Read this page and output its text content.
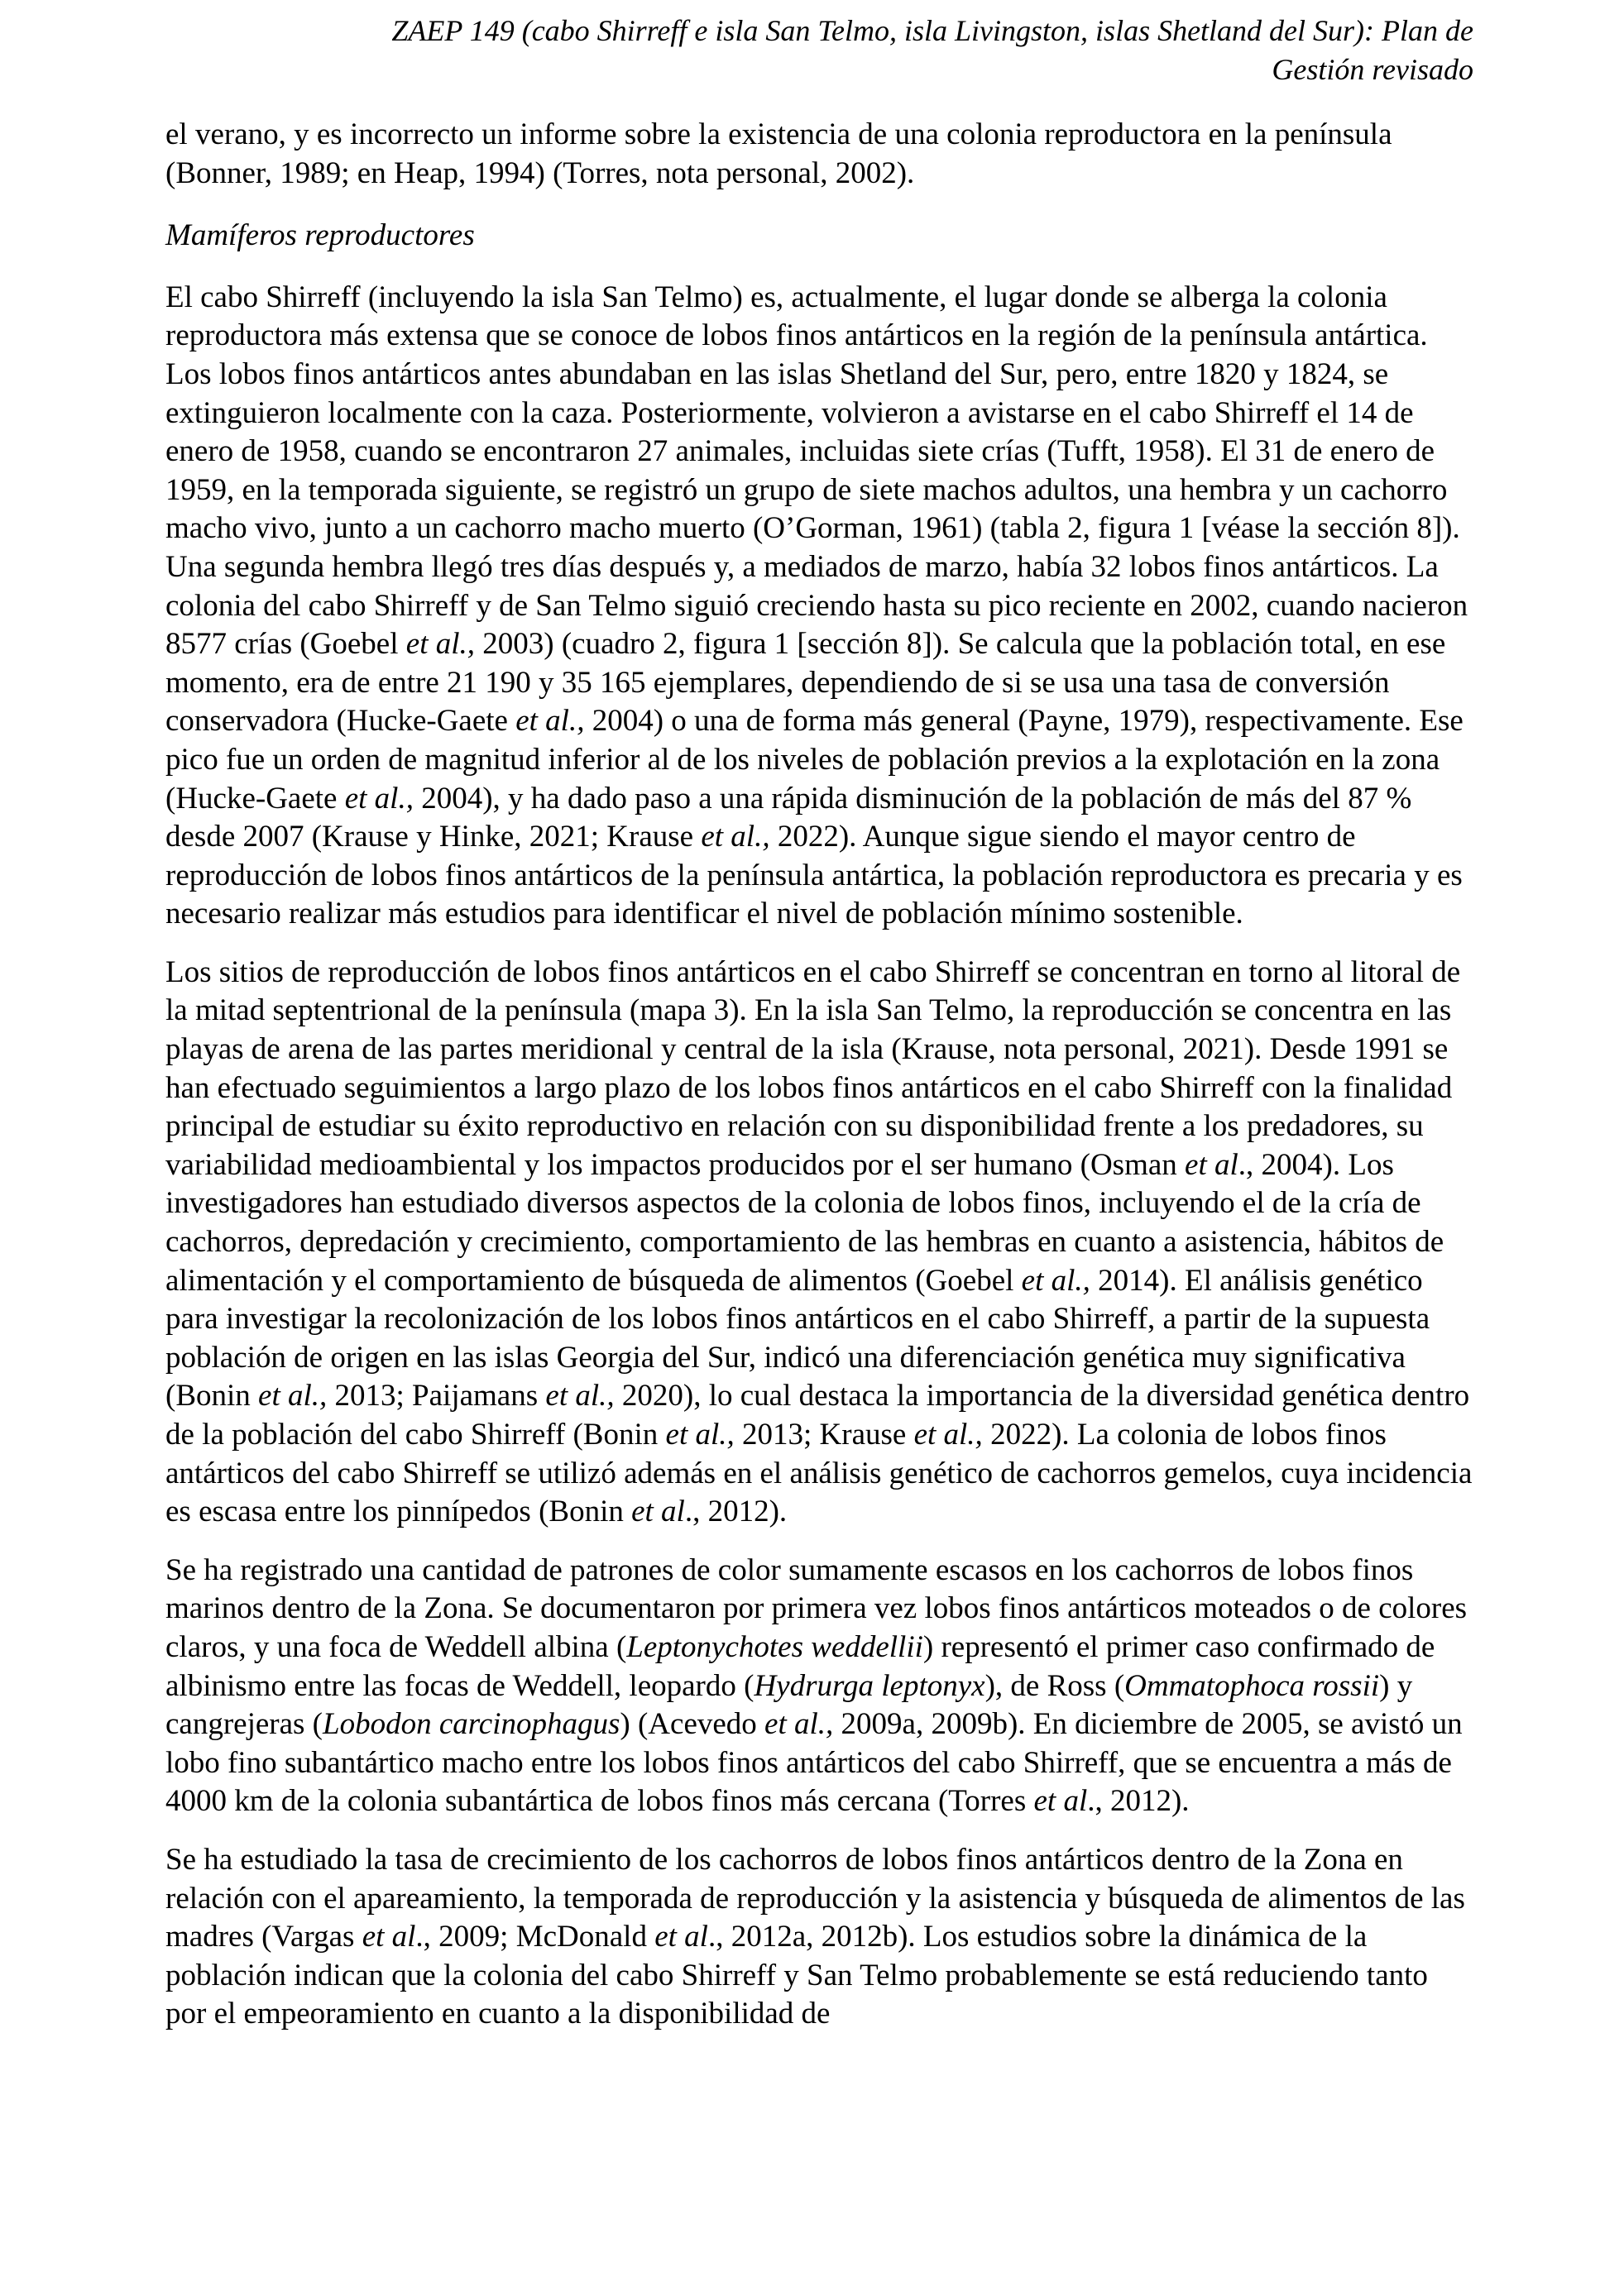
ZAEP 149 (cabo Shirreff e isla San Telmo, isla Livingston, islas Shetland del Sur): Plan de
Gestión revisado

el verano, y es incorrecto un informe sobre la existencia de una colonia reproductora en la península (Bonner, 1989; en Heap, 1994) (Torres, nota personal, 2002).

Mamíferos reproductores

El cabo Shirreff (incluyendo la isla San Telmo) es, actualmente, el lugar donde se alberga la colonia reproductora más extensa que se conoce de lobos finos antárticos en la región de la península antártica. Los lobos finos antárticos antes abundaban en las islas Shetland del Sur, pero, entre 1820 y 1824, se extinguieron localmente con la caza. Posteriormente, volvieron a avistarse en el cabo Shirreff el 14 de enero de 1958, cuando se encontraron 27 animales, incluidas siete crías (Tufft, 1958). El 31 de enero de 1959, en la temporada siguiente, se registró un grupo de siete machos adultos, una hembra y un cachorro macho vivo, junto a un cachorro macho muerto (O’Gorman, 1961) (tabla 2, figura 1 [véase la sección 8]). Una segunda hembra llegó tres días después y, a mediados de marzo, había 32 lobos finos antárticos. La colonia del cabo Shirreff y de San Telmo siguió creciendo hasta su pico reciente en 2002, cuando nacieron 8577 crías (Goebel et al., 2003) (cuadro 2, figura 1 [sección 8]). Se calcula que la población total, en ese momento, era de entre 21 190 y 35 165 ejemplares, dependiendo de si se usa una tasa de conversión conservadora (Hucke-Gaete et al., 2004) o una de forma más general (Payne, 1979), respectivamente. Ese pico fue un orden de magnitud inferior al de los niveles de población previos a la explotación en la zona (Hucke-Gaete et al., 2004), y ha dado paso a una rápida disminución de la población de más del 87 % desde 2007 (Krause y Hinke, 2021; Krause et al., 2022). Aunque sigue siendo el mayor centro de reproducción de lobos finos antárticos de la península antártica, la población reproductora es precaria y es necesario realizar más estudios para identificar el nivel de población mínimo sostenible.

Los sitios de reproducción de lobos finos antárticos en el cabo Shirreff se concentran en torno al litoral de la mitad septentrional de la península (mapa 3). En la isla San Telmo, la reproducción se concentra en las playas de arena de las partes meridional y central de la isla (Krause, nota personal, 2021). Desde 1991 se han efectuado seguimientos a largo plazo de los lobos finos antárticos en el cabo Shirreff con la finalidad principal de estudiar su éxito reproductivo en relación con su disponibilidad frente a los predadores, su variabilidad medioambiental y los impactos producidos por el ser humano (Osman et al., 2004). Los investigadores han estudiado diversos aspectos de la colonia de lobos finos, incluyendo el de la cría de cachorros, depredación y crecimiento, comportamiento de las hembras en cuanto a asistencia, hábitos de alimentación y el comportamiento de búsqueda de alimentos (Goebel et al., 2014). El análisis genético para investigar la recolonización de los lobos finos antárticos en el cabo Shirreff, a partir de la supuesta población de origen en las islas Georgia del Sur, indicó una diferenciación genética muy significativa (Bonin et al., 2013; Paijamans et al., 2020), lo cual destaca la importancia de la diversidad genética dentro de la población del cabo Shirreff (Bonin et al., 2013; Krause et al., 2022). La colonia de lobos finos antárticos del cabo Shirreff se utilizó además en el análisis genético de cachorros gemelos, cuya incidencia es escasa entre los pinnípedos (Bonin et al., 2012).

Se ha registrado una cantidad de patrones de color sumamente escasos en los cachorros de lobos finos marinos dentro de la Zona. Se documentaron por primera vez lobos finos antárticos moteados o de colores claros, y una foca de Weddell albina (Leptonychotes weddellii) representó el primer caso confirmado de albinismo entre las focas de Weddell, leopardo (Hydrurga leptonyx), de Ross (Ommatophoca rossii) y cangrejeras (Lobodon carcinophagus) (Acevedo et al., 2009a, 2009b). En diciembre de 2005, se avistó un lobo fino subantártico macho entre los lobos finos antárticos del cabo Shirreff, que se encuentra a más de 4000 km de la colonia subantártica de lobos finos más cercana (Torres et al., 2012).

Se ha estudiado la tasa de crecimiento de los cachorros de lobos finos antárticos dentro de la Zona en relación con el apareamiento, la temporada de reproducción y la asistencia y búsqueda de alimentos de las madres (Vargas et al., 2009; McDonald et al., 2012a, 2012b). Los estudios sobre la dinámica de la población indican que la colonia del cabo Shirreff y San Telmo probablemente se está reduciendo tanto por el empeoramiento en cuanto a la disponibilidad de
